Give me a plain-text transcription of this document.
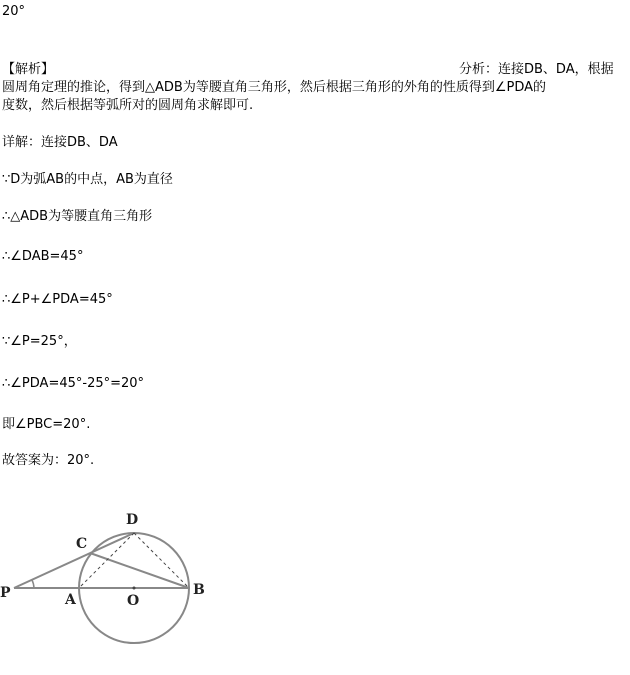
20°
【解析】	分析：连接DB、DA，根据
圆周角定理的推论，得到△ADB为等腰直角三角形，然后根据三角形的外角的性质得到∠PDA的
度数，然后根据等弧所对的圆周角求解即可.
详解：连接DB、DA
∵D为弧AB的中点，AB为直径
∴△ADB为等腰直角三角形
∴∠DAB=45°
∴∠P+∠PDA=45°
∵∠P=25°，
∴∠PDA=45°-25°=20°
即∠PBC=20°.
故答案为：20°.
D
C
P	A	O
B
